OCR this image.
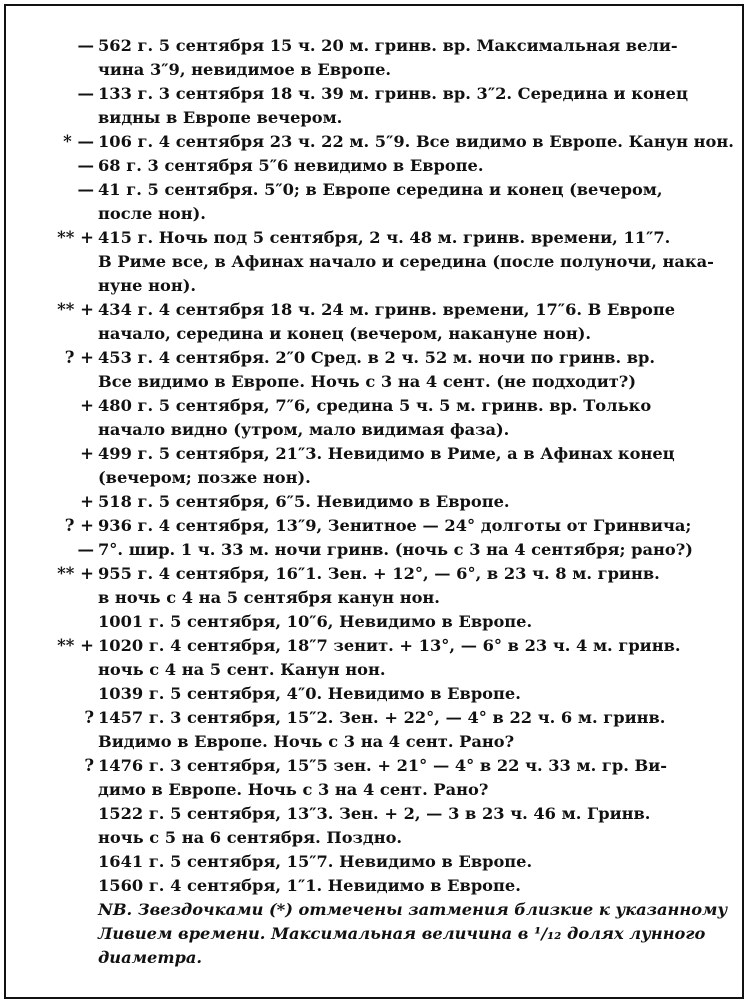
— 562 г. 5 сентября 15 ч. 20 м. гринв. вр. Максимальная вели-
чина 3″9, невидимое в Европе.
— 133 г. 3 сентября 18 ч. 39 м. гринв. вр. 3″2. Середина и конец
видны в Европе вечером.
* — 106 г. 4 сентября 23 ч. 22 м. 5″9. Все видимо в Европе. Канун нон.
— 68 г. 3 сентября 5″6 невидимо в Европе.
— 41 г. 5 сентября. 5″0; в Европе середина и конец (вечером,
после нон).
** + 415 г. Ночь под 5 сентября, 2 ч. 48 м. гринв. времени, 11″7.
В Риме все, в Афинах начало и середина (после полуночи, нака-
нуне нон).
** + 434 г. 4 сентября 18 ч. 24 м. гринв. времени, 17″6. В Европе
начало, середина и конец (вечером, накануне нон).
? + 453 г. 4 сентября. 2″0 Сред. в 2 ч. 52 м. ночи по гринв. вр.
Все видимо в Европе. Ночь с 3 на 4 сент. (не подходит?)
+ 480 г. 5 сентября, 7″6, средина 5 ч. 5 м. гринв. вр. Только
начало видно (утром, мало видимая фаза).
+ 499 г. 5 сентября, 21″3. Невидимо в Риме, а в Афинах конец
(вечером; позже нон).
+ 518 г. 5 сентября, 6″5. Невидимо в Европе.
? + 936 г. 4 сентября, 13″9, Зенитное — 24° долготы от Гринвича;
— 7°. шир. 1 ч. 33 м. ночи гринв. (ночь с 3 на 4 сентября; рано?)
** + 955 г. 4 сентября, 16″1. Зен. + 12°, — 6°, в 23 ч. 8 м. гринв.
в ночь с 4 на 5 сентября канун нон.
1001 г. 5 сентября, 10″6, Невидимо в Европе.
** + 1020 г. 4 сентября, 18″7 зенит. + 13°, — 6° в 23 ч. 4 м. гринв.
ночь с 4 на 5 сент. Канун нон.
1039 г. 5 сентября, 4″0. Невидимо в Европе.
? 1457 г. 3 сентября, 15″2. Зен. + 22°, — 4° в 22 ч. 6 м. гринв.
Видимо в Европе. Ночь с 3 на 4 сент. Рано?
? 1476 г. 3 сентября, 15″5 зен. + 21° — 4° в 22 ч. 33 м. гр. Ви-
димо в Европе. Ночь с 3 на 4 сент. Рано?
1522 г. 5 сентября, 13″3. Зен. + 2, — 3 в 23 ч. 46 м. Гринв.
ночь с 5 на 6 сентября. Поздно.
1641 г. 5 сентября, 15″7. Невидимо в Европе.
1560 г. 4 сентября, 1″1. Невидимо в Европе.
NB. Звездочками (*) отмечены затмения близкие к указанному
Ливием времени. Максимальная величина в ¹/₁₂ долях лунного
диаметра.
